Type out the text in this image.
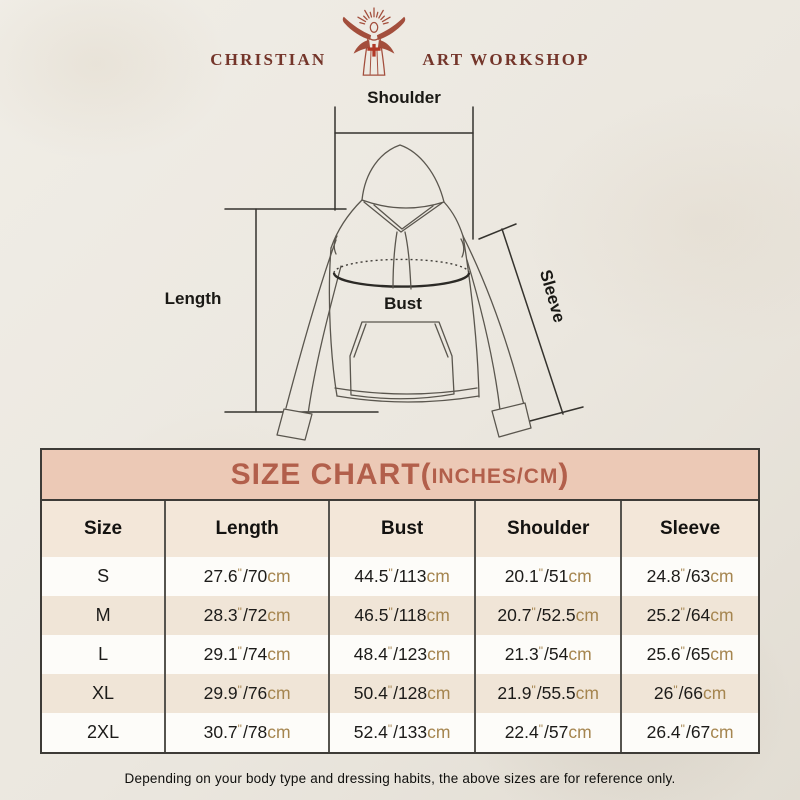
CHRISTIAN	ART WORKSHOP
Shoulder
Length	Bust	Sleeve
SIZE CHART( INCHES/CM )
Size	Length	Bust	Shoulder	Sleeve
S	27.6"/70cm	44.5"/113cm	20.1"/51cm	24.8"/63cm
M	28.3"/72cm	46.5"/118cm	20.7"/52.5cm	25.2"/64cm
L	29.1"/74cm	48.4"/123cm	21.3"/54cm	25.6"/65cm
XL	29.9"/76cm	50.4"/128cm	21.9"/55.5cm	26"/66cm
2XL	30.7"/78cm	52.4"/133cm	22.4"/57cm	26.4"/67cm
Depending on your body type and dressing habits, the above sizes are for reference only.
